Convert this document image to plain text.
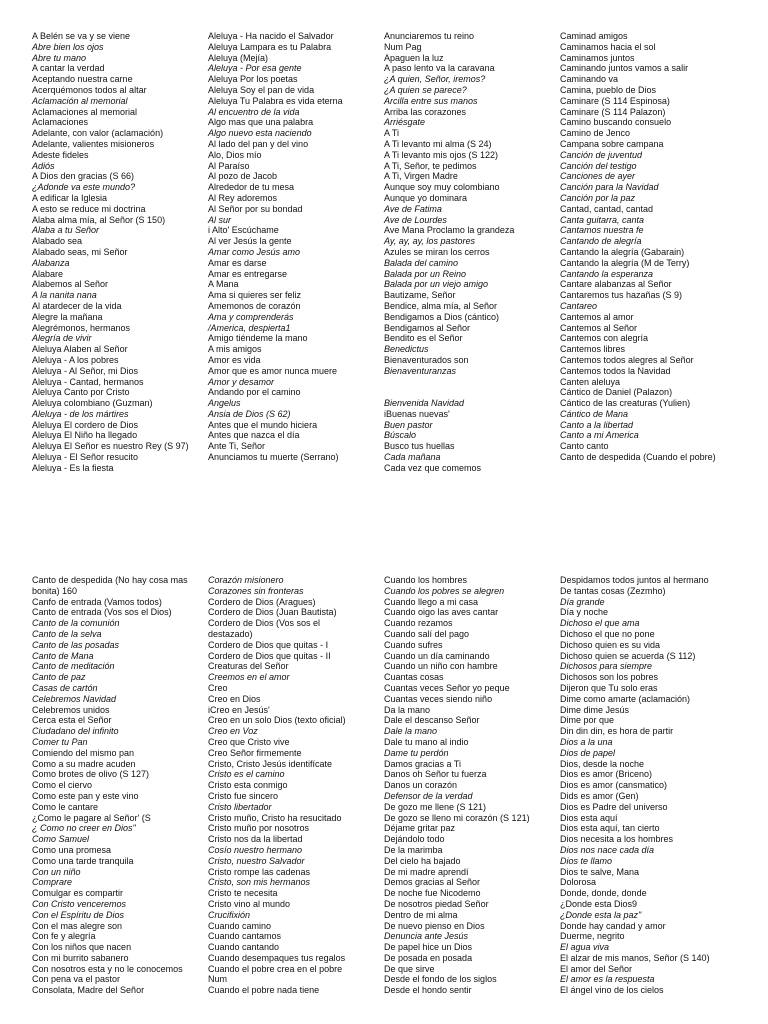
A Belén se va y se viene
Abre bien los ojos
Abre tu mano
A cantar la verdad
Aceptando nuestra carne
Acerquémonos todos al altar
Aclamación al memorial
Aclamaciones al memorial
Aclamaciones
Adelante, con valor (aclamación)
Adelante, valientes misioneros
Adeste fideles
Adiós
A Dios den gracias (S 66)
¿Adonde va este mundo?
A edificar la Iglesia
A esto se reduce mi doctrina
Alaba alma mía, al Señor (S 150)
Alaba a tu Señor
Alabado sea
Alabado seas, mi Señor
Alabanza
Alabare
Alabemos al Señor
A la nanita nana
Al atardecer de la vida
Alegre la mañana
Alegrémonos, hermanos
Alegría de vivir
Aleluya Alaben al Señor
Aleluya - A los pobres
Aleluya - Al Señor, mi Dios
Aleluya - Cantad, hermanos
Aleluya Canto por Cristo
Aleluya colombiano (Guzman)
Aleluya - de los mártires
Aleluya El cordero de Dios
Aleluya El Niño ha llegado
Aleluya El Señor es nuestro Rey (S 97)
Aleluya - El Señor resucito
Aleluya - Es la fiesta
Aleluya - Ha nacido el Salvador
Aleluya Lampara es tu Palabra
Aleluya (Mejía)
Aleluya - Por esa gente
Aleluya Por los poetas
Aleluya Soy el pan de vida
Aleluya Tu Palabra es vida eterna
Al encuentro de la vida
Algo mas que una palabra
Algo nuevo esta naciendo
Al lado del pan y del vino
Alo, Dios mío
Al Paraíso
Al pozo de Jacob
Alrededor de tu mesa
Al Rey adoremos
Al Señor por su bondad
Al sur
i Alto' Escúchame
Al ver Jesús la gente
Amar como Jesús amo
Amar es darse
Amar es entregarse
A Mana
Ama si quieres ser feliz
Amemonos de corazón
Ama y comprenderás
/America, despierta1
Amigo tiéndeme la mano
A mis amigos
Amor es vida
Amor que es amor nunca muere
Amor y desamor
Andando por el camino
Angelus
Ansia de Dios (S 62)
Antes que el mundo hiciera
Antes que nazca el día
Ante Ti, Señor
Anunciamos tu muerte (Serrano)
Anunciaremos tu reino
Num Pag
Apaguen la luz
A paso lento va la caravana
¿A quien, Señor, iremos?
¿A quien se parece?
Arcilla entre sus manos
Arriba las corazones
Arriésgate
A Ti
A Ti levanto mi alma (S 24)
A Ti levanto mis ojos (S 122)
A Ti, Señor, te pedimos
A Ti, Virgen Madre
Aunque soy muy colombiano
Aunque yo dominara
Ave de Fatima
Ave de Lourdes
Ave Mana Proclamo la grandeza
Ay, ay, ay, los pastores
Azules se miran los cerros
Balada del camino
Balada por un Reino
Balada por un viejo amigo
Bautizame, Señor
Bendice, alma mía, al Señor
Bendigamos a Dios (cántico)
Bendigamos al Señor
Bendito es el Señor
Benedictus
Bienaventurados son
Bienaventuranzas
Bienvenida Navidad
iBuenas nuevas'
Buen pastor
Búscalo
Busco tus huellas
Cada mañana
Cada vez que comemos
Caminad amigos
Caminamos hacia el sol
Caminamos juntos
Caminando juntos vamos a salir
Caminando va
Camina, pueblo de Dios
Caminare (S 114 Espinosa)
Caminare (S 114 Palazon)
Camino buscando consuelo
Camino de Jenco
Campana sobre campana
Canción de juventud
Canción del testigo
Canciones de ayer
Canción para la Navidad
Canción por la paz
Cantad, cantad, cantad
Canta guitarra, canta
Cantamos nuestra fe
Cantando de alegría
Cantando la alegría (Gabarain)
Cantando la alegría (M de Terry)
Cantando la esperanza
Cantare alabanzas al Señor
Cantaremos tus hazañas (S 9)
Cantareo
Cantemos al amor
Cantemos al Señor
Cantemos con alegría
Cantemos libres
Cantemos todos alegres al Señor
Cantemos todos la Navidad
Canten aleluya
Cántico de Daniel (Palazon)
Cántico de las creaturas (Yulien)
Cántico de Mana
Canto a la libertad
Canto a mi America
Canto canto
Canto de despedida (Cuando el pobre)
Canto de despedida (No hay cosa mas
bonita) 160
Canfo de entrada (Vamos todos)
Canto de entrada (Vos sos el Dios)
Canto de la comunión
Canto de la selva
Canto de las posadas
Canto de Mana
Canto de meditación
Canto de paz
Casas de cartón
Celebremos Navidad
Celebremos unidos
Cerca esta el Señor
Ciudadano del infinito
Comer tu Pan
Comiendo del mismo pan
Como a su madre acuden
Como brotes de olivo (S 127)
Como el ciervo
Como este pan y este vino
Como le cantare
¿Como le pagare al Señor' (S
¿ Como no creer en Dios"
Como Samuel
Como una promesa
Como una tarde tranquila
Con un niño
Comprare
Comulgar es compartir
Con Cristo venceremos
Con el Espíritu de Dios
Con el mas alegre son
Con fe y alegría
Con los niños que nacen
Con mi burrito sabanero
Con nosotros esta y no le conocemos
Con pena va el pastor
Consolata, Madre del Señor
Corazón misionero
Corazones sin fronteras
Cordero de Dios (Aragues)
Cordero de Dios (Juan Bautista)
Cordero de Dios (Vos sos el
destazado)
Cordero de Dios que quitas - I
Cordero de Dios que quitas - II
Creaturas del Señor
Creemos en el amor
Creo
Creo en Dios
iCreo en Jesús'
Creo en un solo Dios (texto oficial)
Creo en Voz
Creo que Cristo vive
Creo Señor firmemente
Cristo, Cristo Jesús identifícate
Cristo es el camino
Cristo esta conmigo
Cristo fue sincero
Cristo libertador
Cristo muño, Cristo ha resucitado
Cristo muño por nosotros
Cristo nos da la libertad
Cosío nuestro hermano
Cristo, nuestro Salvador
Cristo rompe las cadenas
Cristo, son mis hermanos
Cristo te necesita
Cristo vino al mundo
Crucifixión
Cuando camino
Cuando cantamos
Cuando cantando
Cuando desempaques tus regalos
Cuando el pobre crea en el pobre
Num
Cuando el pobre nada tiene
Cuando los hombres
Cuando los pobres se alegren
Cuando llego a mi casa
Cuando oigo las aves cantar
Cuando rezamos
Cuando salí del pago
Cuando sufres
Cuando un día caminando
Cuando un niño con hambre
Cuantas cosas
Cuantas veces Señor yo peque
Cuantas veces siendo niño
Da la mano
Dale el descanso Señor
Dale la mano
Dale tu mano al indio
Dame tu perdón
Damos gracias a Ti
Danos oh Señor tu fuerza
Danos un corazón
Defensor de la verdad
De gozo me llene (S 121)
De gozo se lleno mi corazón (S 121)
Déjame gritar paz
Dejándolo todo
De la marimba
Del cielo ha bajado
De mi madre aprendí
Demos gracias al Señor
De noche fue Nicodemo
De nosotros piedad Señor
Dentro de mi alma
De nuevo pienso en Dios
Denuncia ante Jesús
De papel hice un Dios
De posada en posada
De que sirve
Desde el fondo de los siglos
Desde el hondo sentir
Despidamos todos juntos al hermano
De tantas cosas (Zezmho)
Día grande
Día y noche
Dichoso el que ama
Dichoso el que no pone
Dichoso quien es su vida
Dichoso quien se acuerda (S 112)
Dichosos para siempre
Dichosos son los pobres
Dijeron que Tu solo eras
Dime como amarte (aclamación)
Dime dime Jesús
Dime por que
Din din din, es hora de partir
Dios a la una
Dios de papel
Dios, desde la noche
Dios es amor (Briceno)
Dios es amor (cansmatico)
Dids es amor (Gen)
Dios es Padre del universo
Dios esta aquí
Dios esta aquí, tan cierto
Dios necesita a los hombres
Dios nos nace cada día
Dios te llamo
Dios te salve, Mana
Dolorosa
Donde, donde, donde
¿Donde esta Dios9
¿Donde esta la paz"
Donde hay candad y amor
Duerme, negrito
El agua viva
El alzar de mis manos, Señor (S 140)
El amor del Señor
El amor es la respuesta
El ángel vino de los cielos
